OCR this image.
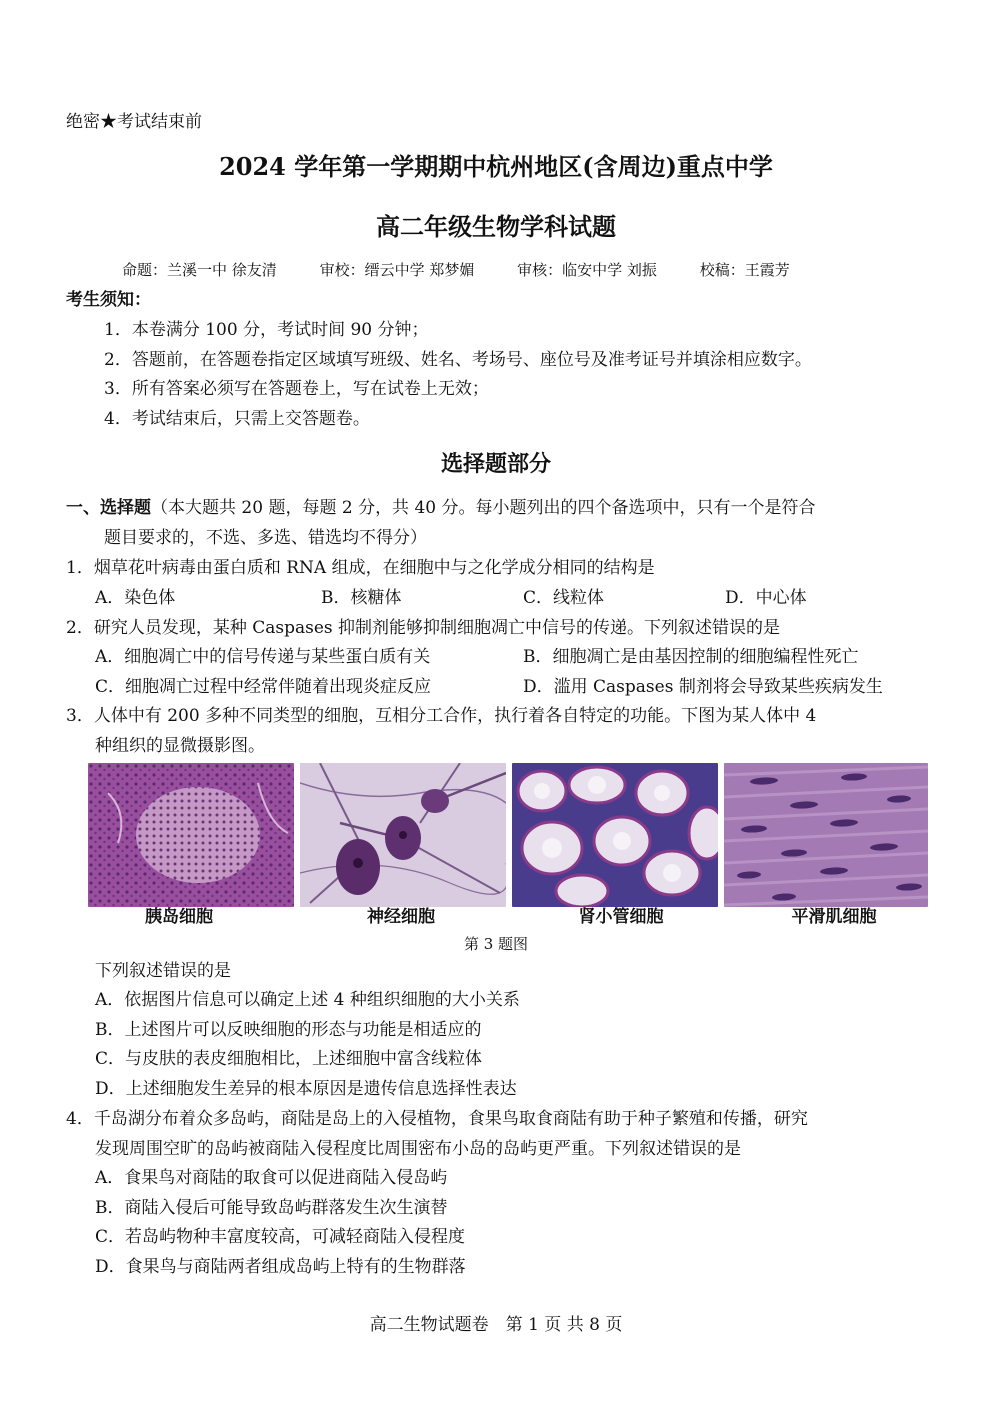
绝密★考试结束前
2024 学年第一学期期中杭州地区(含周边)重点中学
高二年级生物学科试题
命题：兰溪一中 徐友清	审校：缙云中学 郑梦媚	审核：临安中学 刘振	校稿：王霞芳
考生须知：
1．本卷满分 100 分，考试时间 90 分钟；
2．答题前，在答题卷指定区域填写班级、姓名、考场号、座位号及准考证号并填涂相应数字。
3．所有答案必须写在答题卷上，写在试卷上无效；
4．考试结束后，只需上交答题卷。
选择题部分
一、选择题（本大题共 20 题，每题 2 分，共 40 分。每小题列出的四个备选项中，只有一个是符合
题目要求的，不选、多选、错选均不得分）
1．烟草花叶病毒由蛋白质和 RNA 组成，在细胞中与之化学成分相同的结构是
A．染色体	B．核糖体	C．线粒体	D．中心体
2．研究人员发现，某种 Caspases 抑制剂能够抑制细胞凋亡中信号的传递。下列叙述错误的是
A．细胞凋亡中的信号传递与某些蛋白质有关	B．细胞凋亡是由基因控制的细胞编程性死亡
C．细胞凋亡过程中经常伴随着出现炎症反应	D．滥用 Caspases 制剂将会导致某些疾病发生
3．人体中有 200 多种不同类型的细胞，互相分工合作，执行着各自特定的功能。下图为某人体中 4
种组织的显微摄影图。
胰岛细胞	神经细胞	肾小管细胞	平滑肌细胞
第 3 题图
下列叙述错误的是
A．依据图片信息可以确定上述 4 种组织细胞的大小关系
B．上述图片可以反映细胞的形态与功能是相适应的
C．与皮肤的表皮细胞相比，上述细胞中富含线粒体
D．上述细胞发生差异的根本原因是遗传信息选择性表达
4．千岛湖分布着众多岛屿，商陆是岛上的入侵植物，食果鸟取食商陆有助于种子繁殖和传播，研究
发现周围空旷的岛屿被商陆入侵程度比周围密布小岛的岛屿更严重。下列叙述错误的是
A．食果鸟对商陆的取食可以促进商陆入侵岛屿
B．商陆入侵后可能导致岛屿群落发生次生演替
C．若岛屿物种丰富度较高，可减轻商陆入侵程度
D．食果鸟与商陆两者组成岛屿上特有的生物群落
高二生物试题卷　第 1 页 共 8 页
